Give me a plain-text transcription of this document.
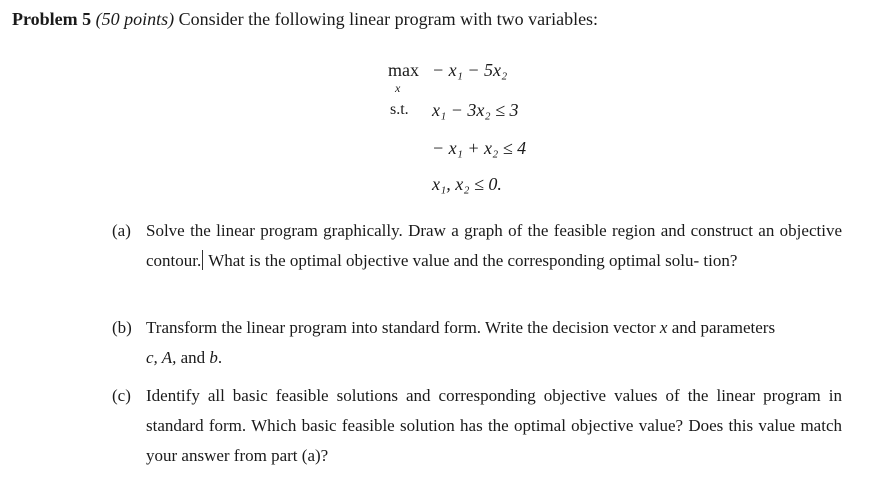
Problem 5 (50 points) Consider the following linear program with two variables:
max
x
− x₁ − 5x₂
s.t. x₁ − 3x₂ ≤ 3
− x₁ + x₂ ≤ 4
x₁, x₂ ≤ 0.
(a) Solve the linear program graphically. Draw a graph of the feasible region and construct an objective contour. What is the optimal objective value and the corresponding optimal solu- tion?
(b) Transform the linear program into standard form. Write the decision vector x and parameters
c, A, and b.
(c) Identify all basic feasible solutions and corresponding objective values of the linear program in standard form. Which basic feasible solution has the optimal objective value? Does this value match your answer from part (a)?
